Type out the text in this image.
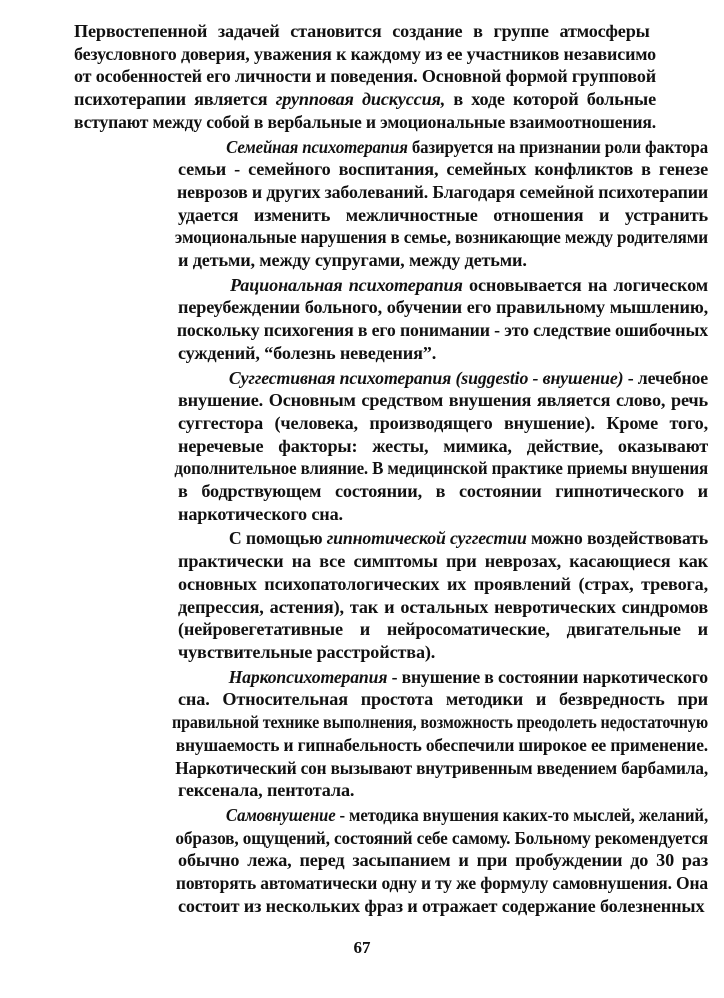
Первостепенной задачей становится создание в группе атмосферы
безусловного доверия, уважения к каждому из ее участников независимо
от особенностей его личности и поведения. Основной формой групповой
психотерапии является групповая дискуссия, в ходе которой больные
вступают между собой в вербальные и эмоциональные взаимоотношения.
Семейная психотерапия базируется на признании роли фактора
семьи - семейного воспитания, семейных конфликтов в генезе
неврозов и других заболеваний. Благодаря семейной психотерапии
удается изменить межличностные отношения и устранить
эмоциональные нарушения в семье, возникающие между родителями
и детьми, между супругами, между детьми.
Рациональная психотерапия основывается на логическом
переубеждении больного, обучении его правильному мышлению,
поскольку психогения в его понимании - это следствие ошибочных
суждений, “болезнь неведения”.
Суггестивная психотерапия (suggestio - внушение) - лечебное
внушение. Основным средством внушения является слово, речь
суггестора (человека, производящего внушение). Кроме того,
неречевые факторы: жесты, мимика, действие, оказывают
дополнительное влияние. В медицинской практике приемы внушения
в бодрствующем состоянии, в состоянии гипнотического и
наркотического сна.
С помощью гипнотической суггестии можно воздействовать
практически на все симптомы при неврозах, касающиеся как
основных психопатологических их проявлений (страх, тревога,
депрессия, астения), так и остальных невротических синдромов
(нейровегетативные и нейросоматические, двигательные и
чувствительные расстройства).
Наркопсихотерапия - внушение в состоянии наркотического
сна. Относительная простота методики и безвредность при
правильной технике выполнения, возможность преодолеть недостаточную
внушаемость и гипнабельность обеспечили широкое ее применение.
Наркотический сон вызывают внутривенным введением барбамила,
гексенала, пентотала.
Самовнушение - методика внушения каких-то мыслей, желаний,
образов, ощущений, состояний себе самому. Больному рекомендуется
обычно лежа, перед засыпанием и при пробуждении до 30 раз
повторять автоматически одну и ту же формулу самовнушения. Она
состоит из нескольких фраз и отражает содержание болезненных
67
